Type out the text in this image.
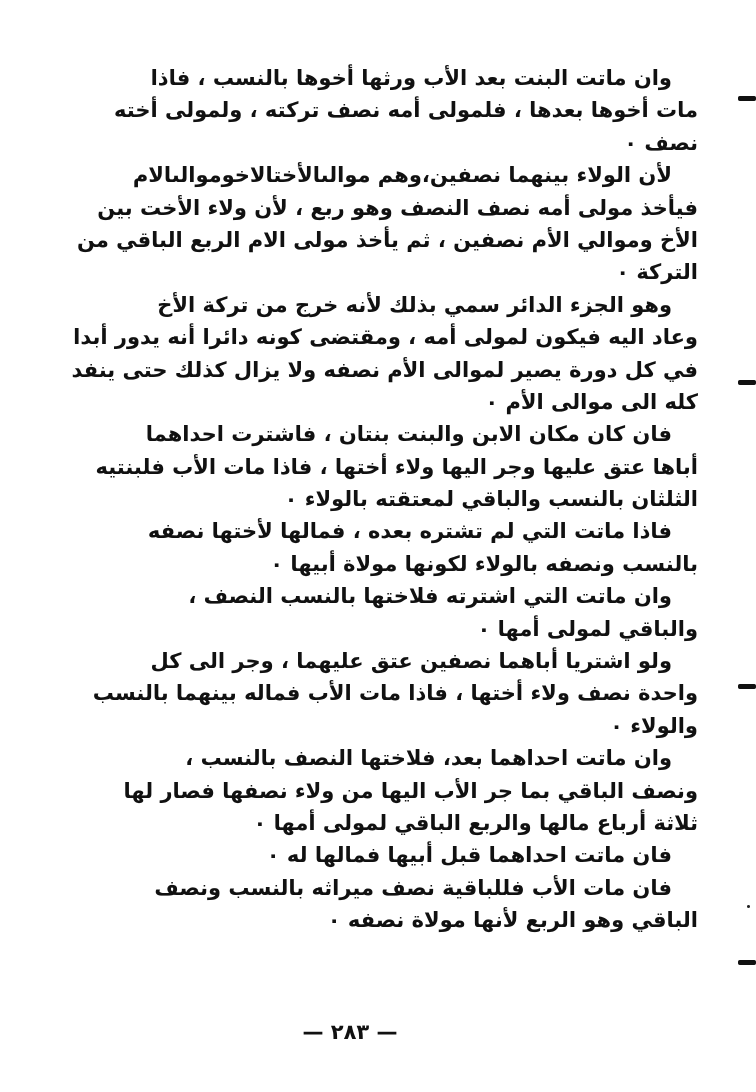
وان ماتت البنت بعد الأب ورثها أخوها بالنسب ، فاذا
مات أخوها بعدها ، فلمولى أمه نصف تركته ، ولمولى أخته
نصف ٠
لأن الولاء بينهما نصفين،وهم موالىالأختالاخوموالىالام
فيأخذ مولى أمه نصف النصف وهو ربع ، لأن ولاء الأخت بين
الأخ وموالي الأم نصفين ، ثم يأخذ مولى الام الربع الباقي من
التركة ٠
وهو الجزء الدائر سمي بذلك لأنه خرج من تركة الأخ
وعاد اليه فيكون لمولى أمه ، ومقتضى كونه دائرا أنه يدور أبدا
في كل دورة يصير لموالى الأم نصفه ولا يزال كذلك حتى ينفد
كله الى موالى الأم ٠
فان كان مكان الابن والبنت بنتان ، فاشترت احداهما
أباها عتق عليها وجر اليها ولاء أختها ، فاذا مات الأب فلبنتيه
الثلثان بالنسب والباقي لمعتقته بالولاء ٠
فاذا ماتت التي لم تشتره بعده ، فمالها لأختها نصفه
بالنسب ونصفه بالولاء لكونها مولاة أبيها ٠
وان ماتت التي اشترته فلاختها بالنسب النصف ،
والباقي لمولى أمها ٠
ولو اشتريا أباهما نصفين عتق عليهما ، وجر الى كل
واحدة نصف ولاء أختها ، فاذا مات الأب فماله بينهما بالنسب
والولاء ٠
وان ماتت احداهما بعد، فلاختها النصف بالنسب ،
ونصف الباقي بما جر الأب اليها من ولاء نصفها فصار لها
ثلاثة أرباع مالها والربع الباقي لمولى أمها ٠
فان ماتت احداهما قبل أبيها فمالها له ٠
فان مات الأب فللباقية نصف ميراثه بالنسب ونصف
الباقي وهو الربع لأنها مولاة نصفه ٠
— ٢٨٣ —
